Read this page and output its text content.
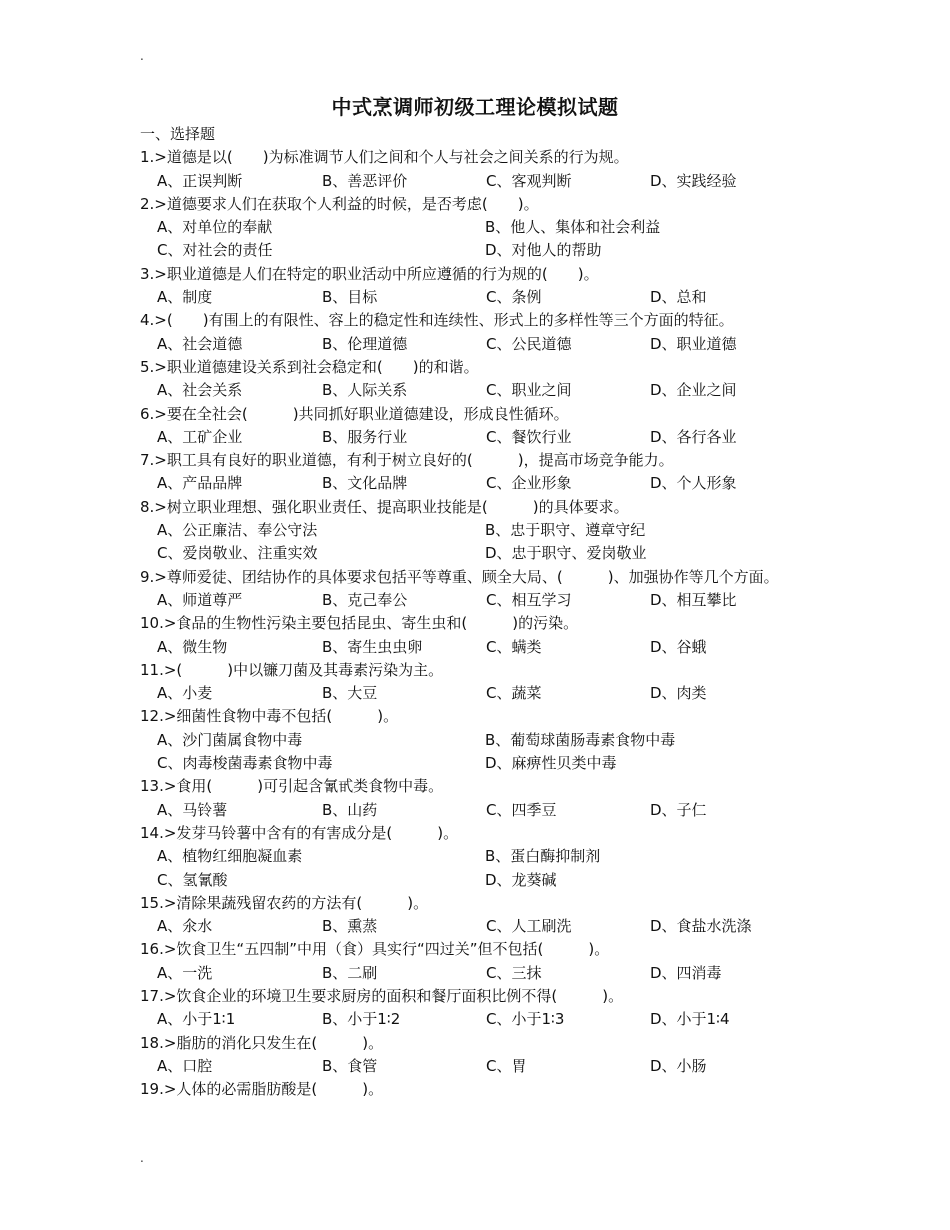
.
中式烹调师初级工理论模拟试题
一、选择题
1.>道德是以(　　)为标准调节人们之间和个人与社会之间关系的行为规。
A、正误判断	B、善恶评价	C、客观判断	D、实践经验
2.>道德要求人们在获取个人利益的时候，是否考虑(　　)。
A、对单位的奉献	B、他人、集体和社会利益
C、对社会的责任	D、对他人的帮助
3.>职业道德是人们在特定的职业活动中所应遵循的行为规的(　　)。
A、制度	B、目标	C、条例	D、总和
4.>(　　)有围上的有限性、容上的稳定性和连续性、形式上的多样性等三个方面的特征。
A、社会道德	B、伦理道德	C、公民道德	D、职业道德
5.>职业道德建设关系到社会稳定和(　　)的和谐。
A、社会关系	B、人际关系	C、职业之间	D、企业之间
6.>要在全社会(　　　)共同抓好职业道德建设，形成良性循环。
A、工矿企业	B、服务行业	C、餐饮行业	D、各行各业
7.>职工具有良好的职业道德，有利于树立良好的(　　　)，提高市场竞争能力。
A、产品品牌	B、文化品牌	C、企业形象	D、个人形象
8.>树立职业理想、强化职业责任、提高职业技能是(　　　)的具体要求。
A、公正廉洁、奉公守法	B、忠于职守、遵章守纪
C、爱岗敬业、注重实效	D、忠于职守、爱岗敬业
9.>尊师爱徒、团结协作的具体要求包括平等尊重、顾全大局、(　　　)、加强协作等几个方面。
A、师道尊严	B、克己奉公	C、相互学习	D、相互攀比
10.>食品的生物性污染主要包括昆虫、寄生虫和(　　　)的污染。
A、微生物	B、寄生虫虫卵	C、螨类	D、谷蛾
11.>(　　　)中以镰刀菌及其毒素污染为主。
A、小麦	B、大豆	C、蔬菜	D、肉类
12.>细菌性食物中毒不包括(　　　)。
A、沙门菌属食物中毒	B、葡萄球菌肠毒素食物中毒
C、肉毒梭菌毒素食物中毒	D、麻痹性贝类中毒
13.>食用(　　　)可引起含氰甙类食物中毒。
A、马铃薯	B、山药	C、四季豆	D、子仁
14.>发芽马铃薯中含有的有害成分是(　　　)。
A、植物红细胞凝血素	B、蛋白酶抑制剂
C、氢氰酸	D、龙葵碱
15.>清除果蔬残留农药的方法有(　　　)。
A、氽水	B、熏蒸	C、人工刷洗	D、食盐水洗涤
16.>饮食卫生“五四制”中用（食）具实行“四过关”但不包括(　　　)。
A、一洗	B、二刷	C、三抹	D、四消毒
17.>饮食企业的环境卫生要求厨房的面积和餐厅面积比例不得(　　　)。
A、小于1∶1	B、小于1∶2	C、小于1∶3	D、小于1∶4
18.>脂肪的消化只发生在(　　　)。
A、口腔	B、食管	C、胃	D、小肠
19.>人体的必需脂肪酸是(　　　)。
.
